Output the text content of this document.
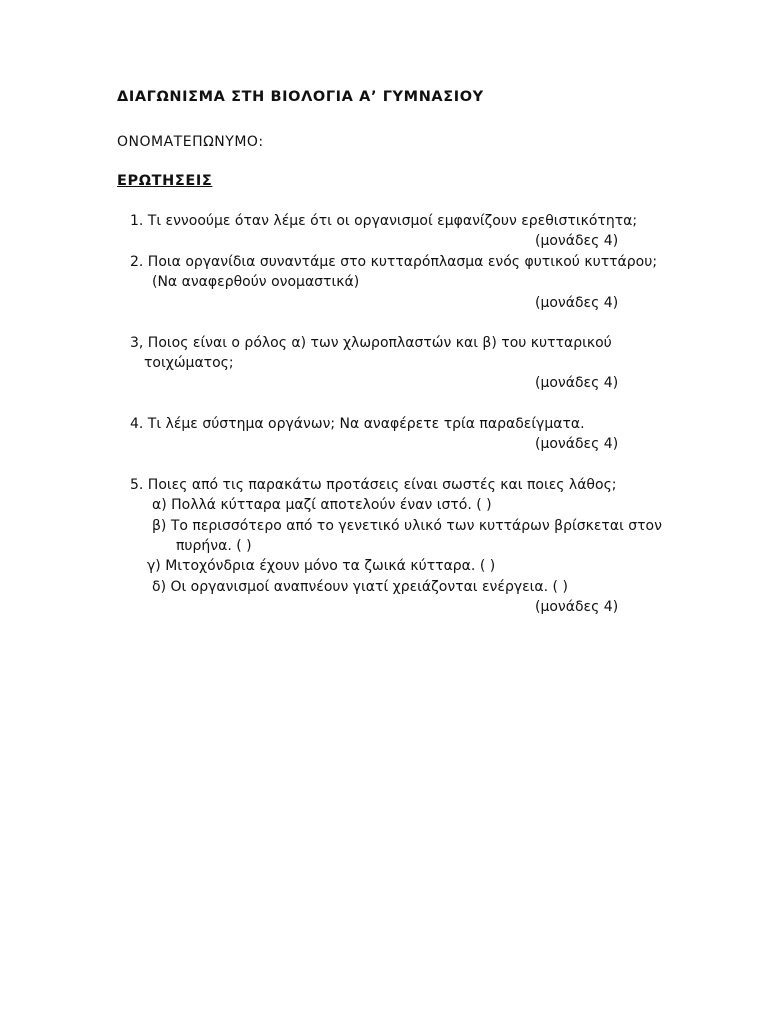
ΔΙΑΓΩΝΙΣΜΑ ΣΤΗ ΒΙΟΛΟΓΙΑ Α’ ΓΥΜΝΑΣΙΟΥ
ΟΝΟΜΑΤΕΠΩΝΥΜΟ:
ΕΡΩΤΗΣΕΙΣ
1. Τι εννοούμε όταν λέμε ότι οι οργανισμοί εμφανίζουν ερεθιστικότητα;
(μονάδες 4)
2. Ποια οργανίδια συναντάμε στο κυτταρόπλασμα ενός φυτικού κυττάρου;
(Να αναφερθούν ονομαστικά)
(μονάδες 4)
3, Ποιος είναι ο ρόλος α) των χλωροπλαστών και β) του κυτταρικού
τοιχώματος;
(μονάδες 4)
4. Τι λέμε σύστημα οργάνων; Να αναφέρετε τρία παραδείγματα.
(μονάδες 4)
5. Ποιες από τις παρακάτω προτάσεις είναι σωστές και ποιες λάθος;
α) Πολλά κύτταρα μαζί αποτελούν έναν ιστό. ( )
β) Το περισσότερο από το γενετικό υλικό των κυττάρων βρίσκεται στον
πυρήνα. ( )
γ) Μιτοχόνδρια έχουν μόνο τα ζωικά κύτταρα. ( )
δ) Οι οργανισμοί αναπνέουν γιατί χρειάζονται ενέργεια. ( )
(μονάδες 4)
